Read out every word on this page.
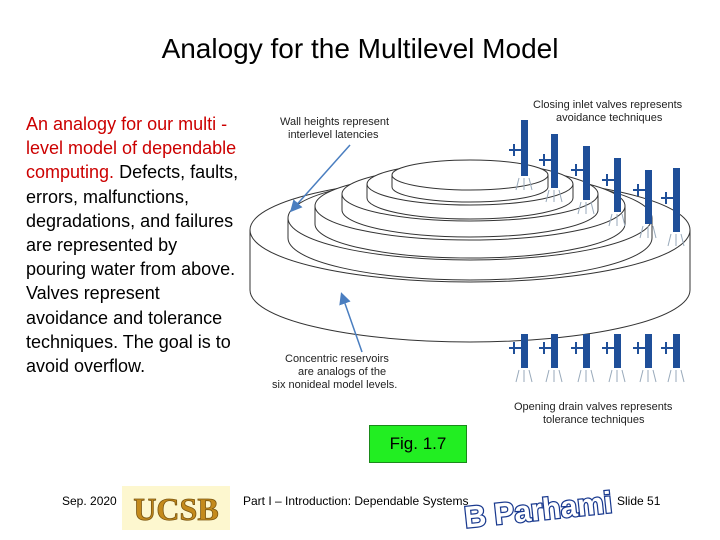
Analogy for the Multilevel Model
An analogy for our multi -level model of dependable computing. Defects, faults, errors, malfunctions, degradations, and failures are represented by pouring water from above. Valves represent avoidance and tolerance techniques. The goal is to avoid overflow.
Wall heights represent
interlevel latencies
Closing inlet valves represents
avoidance techniques
Concentric reservoirs
are analogs of the
six nonideal model levels.
Opening drain valves represents
tolerance techniques
Fig. 1.7
Sep. 2020 UCSB Part I – Introduction: Dependable Systems
B Parhami Slide 51
